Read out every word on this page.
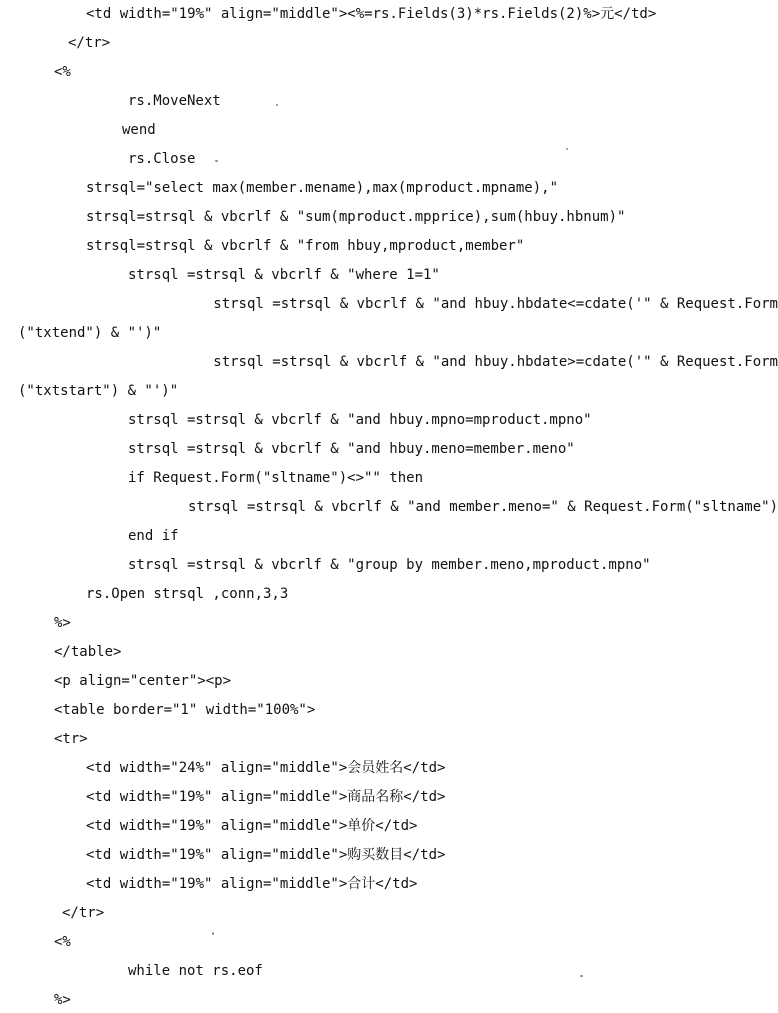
<td width="19%" align="middle"><%=rs.Fields(3)*rs.Fields(2)%>元</td>
</tr>
<%
rs.MoveNext
wend
rs.Close
strsql="select max(member.mename),max(mproduct.mpname),"
strsql=strsql & vbcrlf & "sum(mproduct.mpprice),sum(hbuy.hbnum)"
strsql=strsql & vbcrlf & "from hbuy,mproduct,member"
strsql =strsql & vbcrlf & "where 1=1"
strsql =strsql & vbcrlf & "and hbuy.hbdate<=cdate('" & Request.Form
("txtend") & "')"
strsql =strsql & vbcrlf & "and hbuy.hbdate>=cdate('" & Request.Form
("txtstart") & "')"
strsql =strsql & vbcrlf & "and hbuy.mpno=mproduct.mpno"
strsql =strsql & vbcrlf & "and hbuy.meno=member.meno"
if Request.Form("sltname")<>"" then
strsql =strsql & vbcrlf & "and member.meno=" & Request.Form("sltname")
end if
strsql =strsql & vbcrlf & "group by member.meno,mproduct.mpno"
rs.Open strsql ,conn,3,3
%>
</table>
<p align="center"><p>
<table border="1" width="100%">
<tr>
<td width="24%" align="middle">会员姓名</td>
<td width="19%" align="middle">商品名称</td>
<td width="19%" align="middle">单价</td>
<td width="19%" align="middle">购买数目</td>
<td width="19%" align="middle">合计</td>
</tr>
<%
while not rs.eof
%>
